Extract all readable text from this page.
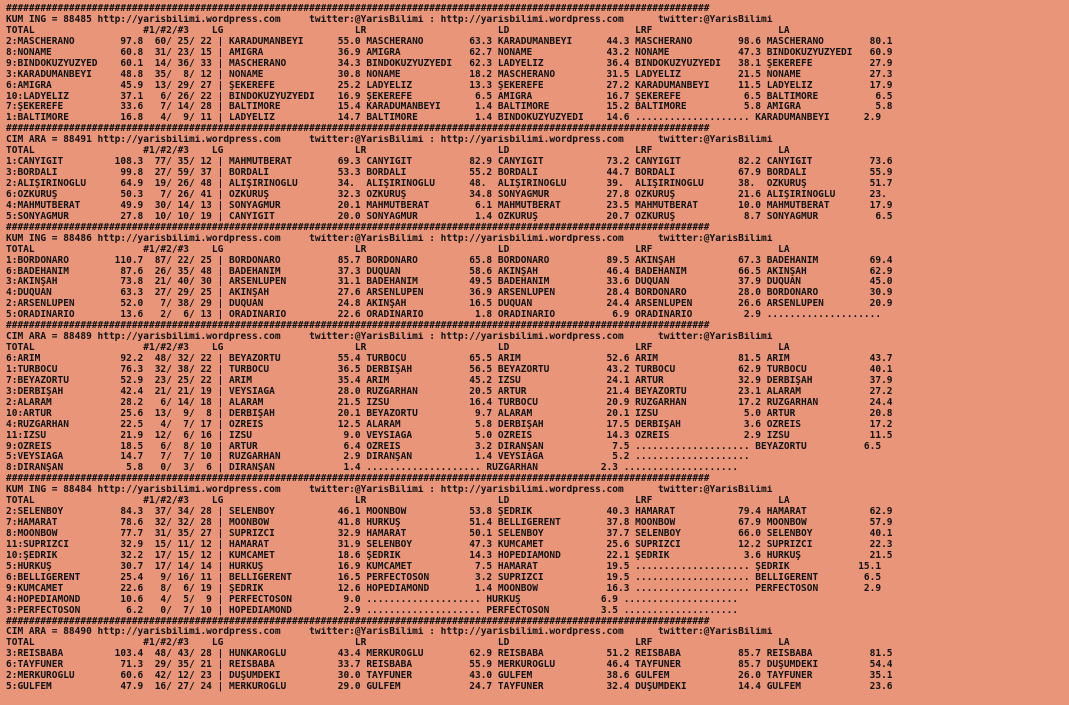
###########################################################################################################################
KUM ING = 88485 http://yarisbilimi.wordpress.com     twitter:@YarisBilimi : http://yarisbilimi.wordpress.com      twitter:@YarisBilimi
TOTAL                   #1/#2/#3    LG                       LR                       LD                      LRF                      LA
2:MASCHERANO        97.8  60/ 25/ 22 | KARADUMANBEYİ      55.0 MASCHERANO        63.3 KARADUMANBEYİ      44.3 MASCHERANO        98.6 MASCHERANO        80.1
8:NONAME            60.8  31/ 23/ 15 | AMIGRA             36.9 AMIGRA            62.7 NONAME             43.2 NONAME            47.3 BİNDOKUZYÜZYEDİ   60.9
9:BİNDOKUZYÜZYED    60.1  14/ 36/ 33 | MASCHERANO         34.3 BİNDOKUZYÜZYEDİ   62.3 LADYELİZ           36.4 BİNDOKUZYÜZYEDİ   38.1 ŞEKEREFE          27.9
3:KARADUMANBEYİ     48.8  35/  8/ 12 | NONAME             30.8 NONAME            18.2 MASCHERANO         31.5 LADYELİZ          21.5 NONAME            27.3
6:AMIGRA            45.9  13/ 29/ 27 | ŞEKEREFE           25.2 LADYELİZ          13.3 ŞEKEREFE           27.2 KARADUMANBEYİ     11.5 LADYELİZ          17.9
10:LADYELİZ         37.1   6/ 26/ 22 | BİNDOKUZYÜZYEDİ    16.9 ŞEKEREFE           6.5 AMIGRA             16.7 ŞEKEREFE           6.5 BALTIMORE          6.5
7:ŞEKEREFE          33.6   7/ 14/ 28 | BALTIMORE          15.4 KARADUMANBEYİ      1.4 BALTIMORE          15.2 BALTIMORE          5.8 AMIGRA             5.8
1:BALTIMORE         16.8   4/  9/ 11 | LADYELİZ           14.7 BALTIMORE          1.4 BİNDOKUZYÜZYEDİ    14.6 .................... KARADUMANBEYİ      2.9
###########################################################################################################################
CIM ARA = 88491 http://yarisbilimi.wordpress.com     twitter:@YarisBilimi : http://yarisbilimi.wordpress.com      twitter:@YarisBilimi
TOTAL                   #1/#2/#3    LG                       LR                       LD                      LRF                      LA
1:CANYİĞİT         108.3  77/ 35/ 12 | MAHMUTBERAT        69.3 CANYİĞİT          82.9 CANYİĞİT           73.2 CANYİĞİT          82.2 CANYİĞİT          73.6
3:BORDALI           99.8  27/ 59/ 37 | BORDALI            53.3 BORDALI           55.2 BORDALI            44.7 BORDALI           67.9 BORDALI           55.9
2:ALİŞİRİNOĞLU      64.9  19/ 26/ 48 | ALİŞİRİNOĞLU       34.  ALİŞİRİNOĞLU      48.  ALİŞİRİNOĞLU       39.  ALİŞİRİNOĞLU      38.  ÖZKURUŞ           51.7
6:ÖZKURUŞ           50.3   7/ 26/ 41 | ÖZKURUŞ            32.3 ÖZKURUŞ           34.8 SONYAĞMUR          27.8 ÖZKURUŞ           21.6 ALİŞİRİNOĞLU      23.
4:MAHMUTBERAT       49.9  30/ 14/ 13 | SONYAĞMUR          20.1 MAHMUTBERAT        6.1 MAHMUTBERAT        23.5 MAHMUTBERAT       10.0 MAHMUTBERAT       17.9
5:SONYAĞMUR         27.8  10/ 10/ 19 | CANYİĞİT           20.0 SONYAĞMUR          1.4 ÖZKURUŞ            20.7 ÖZKURUŞ            8.7 SONYAĞMUR          6.5
###########################################################################################################################
KUM ING = 88486 http://yarisbilimi.wordpress.com     twitter:@YarisBilimi : http://yarisbilimi.wordpress.com      twitter:@YarisBilimi
TOTAL                   #1/#2/#3    LG                       LR                       LD                      LRF                      LA
1:BORDONARO        110.7  87/ 22/ 25 | BORDONARO          85.7 BORDONARO         65.8 BORDONARO          89.5 AKINŞAH           67.3 BADEHANIM         69.4
6:BADEHANIM         87.6  26/ 35/ 48 | BADEHANIM          37.3 DUQUAN            58.6 AKINŞAH            46.4 BADEHANIM         66.5 AKINŞAH           62.9
3:AKINŞAH           73.8  21/ 40/ 30 | ARSENLUPEN         31.1 BADEHANIM         49.5 BADEHANIM          33.6 DUQUAN            37.9 DUQUAN            45.0
4:DUQUAN            63.3  27/ 29/ 25 | AKINŞAH            27.6 ARSENLUPEN        36.9 ARSENLUPEN         28.4 BORDONARO         28.0 BORDONARO         30.9
2:ARSENLUPEN        52.0   7/ 38/ 29 | DUQUAN             24.8 AKINŞAH           16.5 DUQUAN             24.4 ARSENLUPEN        26.6 ARSENLUPEN        20.9
5:ORADINARIO        13.6   2/  6/ 13 | ORADINARIO         22.6 ORADINARIO         1.8 ORADINARIO          6.9 ORADINARIO         2.9 ....................
###########################################################################################################################
CIM ARA = 88489 http://yarisbilimi.wordpress.com     twitter:@YarisBilimi : http://yarisbilimi.wordpress.com      twitter:@YarisBilimi
TOTAL                   #1/#2/#3    LG                       LR                       LD                      LRF                      LA
6:ARIM              92.2  48/ 32/ 22 | BEYAZÖRTÜ          55.4 TURBOCU           65.5 ARIM               52.6 ARIM              81.5 ARIM              43.7
1:TURBOCU           76.3  32/ 38/ 22 | TURBOCU            36.5 DERBİŞAH          56.5 BEYAZÖRTÜ          43.2 TURBOCU           62.9 TURBOCU           40.1
7:BEYAZÖRTÜ         52.9  23/ 25/ 22 | ARIM               35.4 ARIM              45.2 İZSU               24.1 ARTUR             32.9 DERBİŞAH          37.9
3:DERBİŞAH          42.4  21/ 21/ 19 | VEYSİAĞA           28.0 RÜZGARHAN         20.5 ARTUR              21.4 BEYAZÖRTÜ         23.1 ALARAM            27.2
2:ALARAM            28.2   6/ 14/ 18 | ALARAM             21.5 İZSU              16.4 TURBOCU            20.9 RÜZGARHAN         17.2 RÜZGARHAN         24.4
10:ARTUR            25.6  13/  9/  8 | DERBİŞAH           20.1 BEYAZÖRTÜ          9.7 ALARAM             20.1 İZSU               5.0 ARTUR             20.8
4:RÜZGARHAN         22.5   4/  7/ 17 | ÖZREİS             12.5 ALARAM             5.8 DERBİŞAH           17.5 DERBİŞAH           3.6 ÖZREİS            17.2
11:İZSU             21.9  12/  6/ 16 | İZSU                9.0 VEYSİAĞA           5.0 ÖZREİS             14.3 ÖZREİS             2.9 İZSU              11.5
9:ÖZREİS            18.5   6/  8/ 10 | ARTUR               6.4 ÖZREİS             3.2 DİRANŞAN            7.5 .................... BEYAZÖRTÜ          6.5
5:VEYSİAĞA          14.7   7/  7/ 10 | RÜZGARHAN           2.9 DİRANŞAN           1.4 VEYSİAĞA            5.2 ....................
8:DİRANŞAN           5.8   0/  3/  6 | DİRANŞAN            1.4 .................... RÜZGARHAN           2.3 ....................
###########################################################################################################################
KUM ING = 88484 http://yarisbilimi.wordpress.com     twitter:@YarisBilimi : http://yarisbilimi.wordpress.com      twitter:@YarisBilimi
TOTAL                   #1/#2/#3    LG                       LR                       LD                      LRF                      LA
2:SELENBOY          84.3  37/ 34/ 28 | SELENBOY           46.1 MOONBOW           53.8 ŞEDRİK             40.3 HAMARAT           79.4 HAMARAT           62.9
7:HAMARAT           78.6  32/ 32/ 28 | MOONBOW            41.8 HÜRKUŞ            51.4 BELLİGERENT        37.8 MOONBOW           67.9 MOONBOW           57.9
8:MOONBOW           77.7  31/ 35/ 27 | SÜPRİZCİ           32.9 HAMARAT           50.1 SELENBOY           37.7 SELENBOY          66.0 SELENBOY          40.1
11:SÜPRİZCİ         32.9  15/ 11/ 12 | HAMARAT            31.9 SELENBOY          47.3 KUMCAMET           25.6 SÜPRİZCİ          12.2 SÜPRİZCİ          22.3
10:ŞEDRİK           32.2  17/ 15/ 12 | KUMCAMET           18.6 ŞEDRİK            14.3 HOPEDİAMOND        22.1 ŞEDRİK             3.6 HÜRKUŞ            21.5
5:HÜRKUŞ            30.7  17/ 14/ 14 | HÜRKUŞ             16.9 KUMCAMET           7.5 HAMARAT            19.5 .................... ŞEDRİK            15.1
6:BELLİGERENT       25.4   9/ 16/ 11 | BELLİGERENT        16.5 PERFECTOSON        3.2 SÜPRİZCİ           19.5 .................... BELLİGERENT        6.5
9:KUMCAMET          22.6   8/  6/ 19 | ŞEDRİK             12.6 HOPEDİAMOND        1.4 MOONBOW            16.3 .................... PERFECTOSON        2.9
4:HOPEDİAMOND       10.6   4/  5/  9 | PERFECTOSON         9.0 .................... HÜRKUŞ              6.9 ....................
3:PERFECTOSON        6.2   0/  7/ 10 | HOPEDİAMOND         2.9 .................... PERFECTOSON         3.5 ....................
###########################################################################################################################
CIM ARA = 88490 http://yarisbilimi.wordpress.com     twitter:@YarisBilimi : http://yarisbilimi.wordpress.com      twitter:@YarisBilimi
TOTAL                   #1/#2/#3    LG                       LR                       LD                      LRF                      LA
3:REİSBABA         103.4  48/ 43/ 28 | HÜNKAROĞLU         43.4 MERKÜROĞLU        62.9 REİSBABA           51.2 REİSBABA          85.7 REİSBABA          81.5
6:TAYFUNER          71.3  29/ 35/ 21 | REİSBABA           33.7 REİSBABA          55.9 MERKÜROĞLU         46.4 TAYFUNER          85.7 DÜŞÜMDEKİ         54.4
2:MERKÜROĞLU        60.6  42/ 12/ 23 | DÜŞÜMDEKİ          30.0 TAYFUNER          43.0 GÜLFEM             38.6 GÜLFEM            26.0 TAYFUNER          35.1
5:GÜLFEM            47.9  16/ 27/ 24 | MERKÜROĞLU         29.0 GÜLFEM            24.7 TAYFUNER           32.4 DÜŞÜMDEKİ         14.4 GÜLFEM            23.6
